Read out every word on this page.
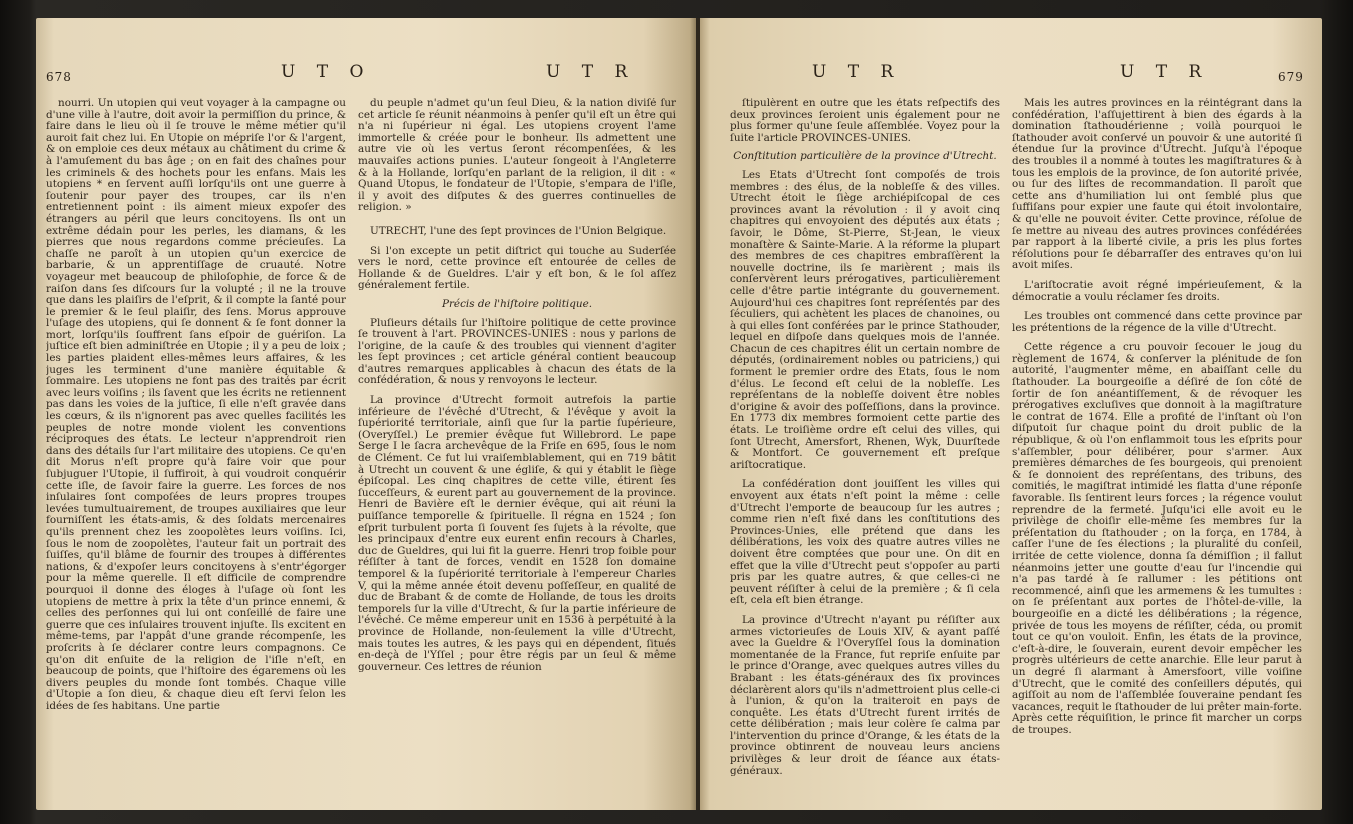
678	U T O	U T R

nourri. Un utopien qui veut voyager à la campagne ou d'une ville à l'autre, doit avoir la permiſſion du prince, & faire dans le lieu où il ſe trouve le même métier qu'il auroit fait chez lui. En Utopie on mépriſe l'or & l'argent, & on emploie ces deux métaux au châtiment du crime & à l'amuſement du bas âge ; on en fait des chaînes pour les criminels & des hochets pour les enfans. Mais les utopiens * en ſervent auſſi lorſqu'ils ont une guerre à ſoutenir pour payer des troupes, car ils n'en entretiennent point : ils aiment mieux expoſer des étrangers au péril que leurs concitoyens. Ils ont un extrême dédain pour les perles, les diamans, & les pierres que nous regardons comme précieuſes. La chaſſe ne paroît à un utopien qu'un exercice de barbarie, & un apprentiſſage de cruauté. Notre voyageur met beaucoup de philoſophie, de force & de raiſon dans ſes diſcours ſur la volupté ; il ne la trouve que dans les plaiſirs de l'eſprit, & il compte la ſanté pour le premier & le ſeul plaiſir, des ſens. Morus approuve l'uſage des utopiens, qui ſe donnent & ſe font donner la mort, lorſqu'ils ſouffrent ſans eſpoir de guériſon. La juſtice eſt bien adminiſtrée en Utopie ; il y a peu de loix ; les parties plaident elles-mêmes leurs affaires, & les juges les terminent d'une manière équitable & ſommaire. Les utopiens ne font pas des traités par écrit avec leurs voiſins ; ils ſavent que les écrits ne retiennent pas dans les voies de la juſtice, ſi elle n'eſt gravée dans les cœurs, & ils n'ignorent pas avec quelles facilités les peuples de notre monde violent les conventions réciproques des états. Le lecteur n'apprendroit rien dans des détails ſur l'art militaire des utopiens. Ce qu'en dit Morus n'eſt propre qu'à faire voir que pour ſubjuguer l'Utopie, il ſuffiroit, à qui voudroit conquérir cette iſle, de ſavoir faire la guerre. Les forces de nos inſulaires ſont compoſées de leurs propres troupes levées tumultuairement, de troupes auxiliaires que leur fourniſſent les états-amis, & des ſoldats mercenaires qu'ils prennent chez les zoopolètes leurs voiſins. Ici, ſous le nom de zoopolètes, l'auteur fait un portrait des ſuiſſes, qu'il blâme de fournir des troupes à différentes nations, & d'expoſer leurs concitoyens à s'entr'égorger pour la même querelle. Il eſt difficile de comprendre pourquoi il donne des éloges à l'uſage où ſont les utopiens de mettre à prix la tête d'un prince ennemi, & celles des perſonnes qui lui ont conſeillé de faire une guerre que ces inſulaires trouvent injuſte. Ils excitent en même-tems, par l'appât d'une grande récompenſe, les proſcrits à ſe déclarer contre leurs compagnons. Ce qu'on dit enſuite de la religion de l'iſle n'eſt, en beaucoup de points, que l'hiſtoire des égaremens où les divers peuples du monde ſont tombés. Chaque ville d'Utopie a ſon dieu, & chaque dieu eſt ſervi ſelon les idées de ſes habitans. Une partie

du peuple n'admet qu'un ſeul Dieu, & la nation diviſé ſur cet article ſe réunit néanmoins à penſer qu'il eſt un être qui n'a ni ſupérieur ni égal. Les utopiens croyent l'ame immortelle & créée pour le bonheur. Ils admettent une autre vie où les vertus ſeront récompenſées, & les mauvaiſes actions punies. L'auteur ſongeoit à l'Angleterre & à la Hollande, lorſqu'en parlant de la religion, il dit : « Quand Utopus, le fondateur de l'Utopie, s'empara de l'iſle, il y avoit des diſputes & des guerres continuelles de religion. »

UTRECHT, l'une des ſept provinces de l'Union Belgique.

Si l'on excepte un petit diſtrict qui touche au Suderſée vers le nord, cette province eſt entourée de celles de Hollande & de Gueldres. L'air y eſt bon, & le ſol aſſez généralement fertile.

Précis de l'hiſtoire politique.

Pluſieurs détails ſur l'hiſtoire politique de cette province ſe trouvent à l'art. PROVINCES-UNIES : nous y parlons de l'origine, de la cauſe & des troubles qui viennent d'agiter les ſept provinces ; cet article général contient beaucoup d'autres remarques applicables à chacun des états de la confédération, & nous y renvoyons le lecteur.

La province d'Utrecht formoit autrefois la partie inférieure de l'évêché d'Utrecht, & l'évêque y avoit la ſupériorité territoriale, ainſi que ſur la partie ſupérieure, (Overyſſel.) Le premier évêque fut Willebrord. Le pape Serge I le ſacra archevêque de la Friſe en 695, ſous le nom de Clément. Ce fut lui vraiſemblablement, qui en 719 bâtit à Utrecht un couvent & une égliſe, & qui y établit le ſiège épiſcopal. Les cinq chapitres de cette ville, étirent ſes ſucceſſeurs, & eurent part au gouvernement de la province. Henri de Bavière eſt le dernier évêque, qui ait réuni la puiſſance temporelle & ſpirituelle. Il régna en 1524 ; ſon eſprit turbulent porta ſi ſouvent ſes ſujets à la révolte, que les principaux d'entre eux eurent enfin recours à Charles, duc de Gueldres, qui lui fit la guerre. Henri trop foible pour réſiſter à tant de forces, vendit en 1528 ſon domaine temporel & la ſupériorité territoriale à l'empereur Charles V, qui la même année étoit devenu poſſeſſeur, en qualité de duc de Brabant & de comte de Hollande, de tous les droits temporels ſur la ville d'Utrecht, & ſur la partie inférieure de l'évêché. Ce même empereur unit en 1536 à perpétuité à la province de Hollande, non-ſeulement la ville d'Utrecht, mais toutes les autres, & les pays qui en dépendent, ſitués en-deçà de l'Yſſel ; pour être régis par un ſeul & même gouverneur. Ces lettres de réunion

U T R	U T R	679

ſtipulèrent en outre que les états reſpectifs des deux provinces ſeroient unis également pour ne plus former qu'une ſeule aſſemblée. Voyez pour la ſuite l'article PROVINCES-UNIES.

Conſtitution particulière de la province d'Utrecht.

Les Etats d'Utrecht ſont compoſés de trois membres : des élus, de la nobleſſe & des villes. Utrecht étoit le ſiège archiépiſcopal de ces provinces avant la révolution : il y avoit cinq chapitres qui envoyoient des députés aux états ; ſavoir, le Dôme, St-Pierre, St-Jean, le vieux monaſtère & Sainte-Marie. A la réforme la plupart des membres de ces chapitres embraſſèrent la nouvelle doctrine, ils ſe marièrent ; mais ils conſervèrent leurs prérogatives, particulièrement celle d'être partie intégrante du gouvernement. Aujourd'hui ces chapitres ſont repréſentés par des ſéculiers, qui achètent les places de chanoines, ou à qui elles ſont conférées par le prince Stathouder, lequel en diſpoſe dans quelques mois de l'année. Chacun de ces chapitres élit un certain nombre de députés, (ordinairement nobles ou patriciens,) qui forment le premier ordre des Etats, ſous le nom d'élus. Le ſecond eſt celui de la nobleſſe. Les repréſentans de la nobleſſe doivent être nobles d'origine & avoir des poſſeſſions, dans la province. En 1773 dix membres formoient cette partie des états. Le troiſième ordre eſt celui des villes, qui ſont Utrecht, Amersfort, Rhenen, Wyk, Duurſtede & Montfort. Ce gouvernement eſt preſque ariſtocratique.

La confédération dont jouiſſent les villes qui envoyent aux états n'eſt point la même : celle d'Utrecht l'emporte de beaucoup ſur les autres ; comme rien n'eſt fixé dans les conſtitutions des Provinces-Unies, elle prétend que dans les délibérations, les voix des quatre autres villes ne doivent être comptées que pour une. On dit en effet que la ville d'Utrecht peut s'oppoſer au parti pris par les quatre autres, & que celles-ci ne peuvent réſiſter à celui de la première ; & ſi cela eſt, cela eſt bien étrange.

La province d'Utrecht n'ayant pu réſiſter aux armes victorieuſes de Louis XIV, & ayant paſſé avec la Gueldre & l'Overyſſel ſous la domination momentanée de la France, fut repriſe enſuite par le prince d'Orange, avec quelques autres villes du Brabant : les états-généraux des ſix provinces déclarèrent alors qu'ils n'admettroient plus celle-ci à l'union, & qu'on la traiteroit en pays de conquête. Les états d'Utrecht furent irrités de cette délibération ; mais leur colère ſe calma par l'intervention du prince d'Orange, & les états de la province obtinrent de nouveau leurs anciens privilèges & leur droit de ſéance aux états-généraux.

Mais les autres provinces en la réintégrant dans la confédération, l'aſſujettirent à bien des égards à la domination ſtathoudérienne ; voilà pourquoi le ſtathouder avoit conſervé un pouvoir & une autorité ſi étendue ſur la province d'Utrecht. Juſqu'à l'époque des troubles il a nommé à toutes les magiſtratures & à tous les emplois de la province, de ſon autorité privée, ou ſur des liſtes de recommandation. Il paroît que cette ans d'humiliation lui ont ſemblé plus que ſuffiſans pour expier une faute qui étoit involontaire, & qu'elle ne pouvoit éviter. Cette province, réſolue de ſe mettre au niveau des autres provinces confédérées par rapport à la liberté civile, a pris les plus fortes réſolutions pour ſe débarraſſer des entraves qu'on lui avoit miſes.

L'ariſtocratie avoit régné impérieuſement, & la démocratie a voulu réclamer ſes droits.

Les troubles ont commencé dans cette province par les prétentions de la régence de la ville d'Utrecht.

Cette régence a cru pouvoir ſecouer le joug du règlement de 1674, & conſerver la plénitude de ſon autorité, l'augmenter même, en abaiſſant celle du ſtathouder. La bourgeoiſie a déſiré de ſon côté de ſortir de ſon anéantiſſement, & de révoquer les prérogatives excluſives que donnoit à la magiſtrature le contrat de 1674. Elle a profité de l'inſtant où l'on diſputoit ſur chaque point du droit public de la république, & où l'on enflammoit tous les eſprits pour s'aſſembler, pour délibérer, pour s'armer. Aux premières démarches de ſes bourgeois, qui prenoient & ſe donnoient des repréſentans, des tribuns, des comitiés, le magiſtrat intimidé les flatta d'une réponſe favorable. Ils ſentirent leurs forces ; la régence voulut reprendre de la fermeté. Juſqu'ici elle avoit eu le privilège de choiſir elle-même ſes membres ſur la préſentation du ſtathouder ; on la força, en 1784, à caſſer l'une de ſes élections ; la pluralité du conſeil, irritée de cette violence, donna ſa démiſſion ; il fallut néanmoins jetter une goutte d'eau ſur l'incendie qui n'a pas tardé à ſe rallumer : les pétitions ont recommencé, ainſi que les armemens & les tumultes : on ſe préſentant aux portes de l'hôtel-de-ville, la bourgeoiſie en a dicté les délibérations ; la régence, privée de tous les moyens de réſiſter, céda, ou promit tout ce qu'on vouloit. Enfin, les états de la province, c'eſt-à-dire, le ſouverain, eurent devoir empêcher les progrès ultérieurs de cette anarchie. Elle leur parut à un degré ſi alarmant à Amersfoort, ville voiſine d'Utrecht, que le comité des conſeillers députés, qui agiſſoit au nom de l'aſſemblée ſouveraine pendant ſes vacances, requit le ſtathouder de lui prêter main-forte. Après cette réquiſition, le prince fit marcher un corps de troupes.
